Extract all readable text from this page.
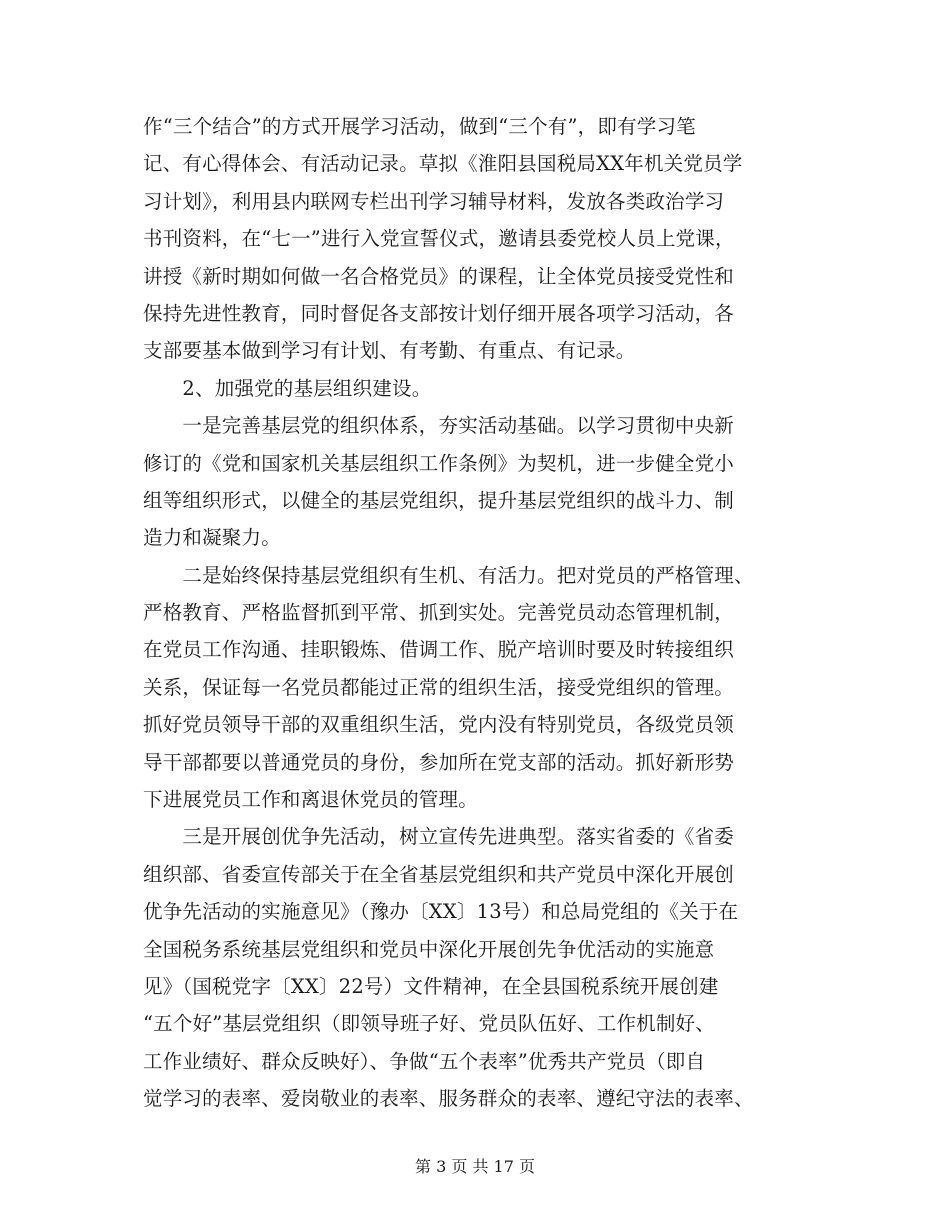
作“三个结合”的方式开展学习活动，做到“三个有”，即有学习笔
记、有心得体会、有活动记录。草拟《淮阳县国税局XX年机关党员学
习计划》，利用县内联网专栏出刊学习辅导材料，发放各类政治学习
书刊资料，在“七一”进行入党宣誓仪式，邀请县委党校人员上党课，
讲授《新时期如何做一名合格党员》的课程，让全体党员接受党性和
保持先进性教育，同时督促各支部按计划仔细开展各项学习活动，各
支部要基本做到学习有计划、有考勤、有重点、有记录。
　　2、加强党的基层组织建设。
　　一是完善基层党的组织体系，夯实活动基础。以学习贯彻中央新
修订的《党和国家机关基层组织工作条例》为契机，进一步健全党小
组等组织形式，以健全的基层党组织，提升基层党组织的战斗力、制
造力和凝聚力。
　　二是始终保持基层党组织有生机、有活力。把对党员的严格管理、
严格教育、严格监督抓到平常、抓到实处。完善党员动态管理机制，
在党员工作沟通、挂职锻炼、借调工作、脱产培训时要及时转接组织
关系，保证每一名党员都能过正常的组织生活，接受党组织的管理。
抓好党员领导干部的双重组织生活，党内没有特别党员，各级党员领
导干部都要以普通党员的身份，参加所在党支部的活动。抓好新形势
下进展党员工作和离退休党员的管理。
　　三是开展创优争先活动，树立宣传先进典型。落实省委的《省委
组织部、省委宣传部关于在全省基层党组织和共产党员中深化开展创
优争先活动的实施意见》（豫办〔XX〕13号）和总局党组的《关于在
全国税务系统基层党组织和党员中深化开展创先争优活动的实施意
见》（国税党字〔XX〕22号）文件精神，在全县国税系统开展创建
“五个好”基层党组织（即领导班子好、党员队伍好、工作机制好、
工作业绩好、群众反映好）、争做“五个表率”优秀共产党员（即自
觉学习的表率、爱岗敬业的表率、服务群众的表率、遵纪守法的表率、
第 3 页 共 17 页
